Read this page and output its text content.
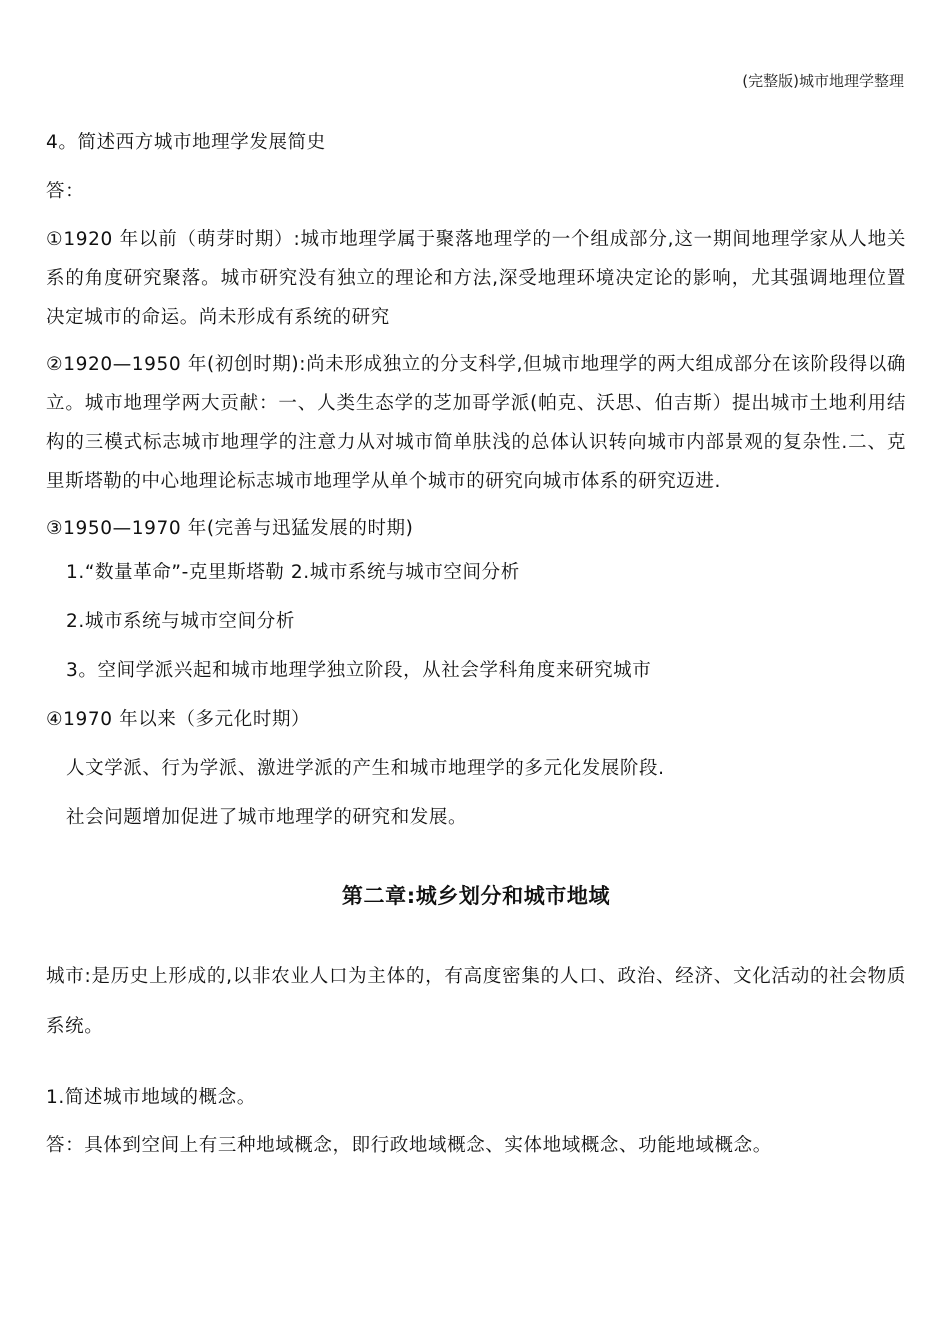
(完整版)城市地理学整理

4。简述西方城市地理学发展简史

答：

①1920 年以前（萌芽时期）:城市地理学属于聚落地理学的一个组成部分,这一期间地理学家从人地关系的角度研究聚落。城市研究没有独立的理论和方法,深受地理环境决定论的影响，尤其强调地理位置决定城市的命运。尚未形成有系统的研究

②1920—1950 年(初创时期):尚未形成独立的分支科学,但城市地理学的两大组成部分在该阶段得以确立。城市地理学两大贡献：一、人类生态学的芝加哥学派(帕克、沃思、伯吉斯）提出城市土地利用结构的三模式标志城市地理学的注意力从对城市简单肤浅的总体认识转向城市内部景观的复杂性.二、克里斯塔勒的中心地理论标志城市地理学从单个城市的研究向城市体系的研究迈进.

③1950—1970 年(完善与迅猛发展的时期)

1.“数量革命”-克里斯塔勒 2.城市系统与城市空间分析

2.城市系统与城市空间分析

3。空间学派兴起和城市地理学独立阶段，从社会学科角度来研究城市

④1970 年以来（多元化时期）

人文学派、行为学派、激进学派的产生和城市地理学的多元化发展阶段.

社会问题增加促进了城市地理学的研究和发展。

第二章:城乡划分和城市地域

城市:是历史上形成的,以非农业人口为主体的，有高度密集的人口、政治、经济、文化活动的社会物质系统。

1.简述城市地域的概念。

答：具体到空间上有三种地域概念，即行政地域概念、实体地域概念、功能地域概念。
